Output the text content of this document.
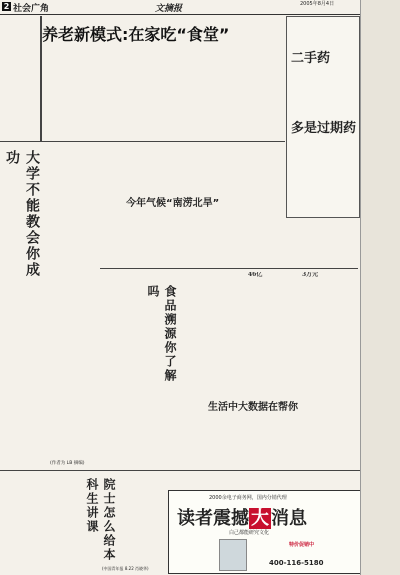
2 社会广角	文摘报	2005年8月4日
养老新模式:在家吃“食堂”
二手药
多是过期药
大学不能教会你成功
(作者为 LB 摘编)
今年气候“南涝北旱”
食品溯源你了解吗
46亿	3万元
院士怎么给本科生讲课
(中国青年报 8.22 肖晓华)
生活中大数据在帮你
2000余电子商务网，国内分销代理
读者震撼 大 消息
白己都能研究文化
特价促销中
400-116-5180
